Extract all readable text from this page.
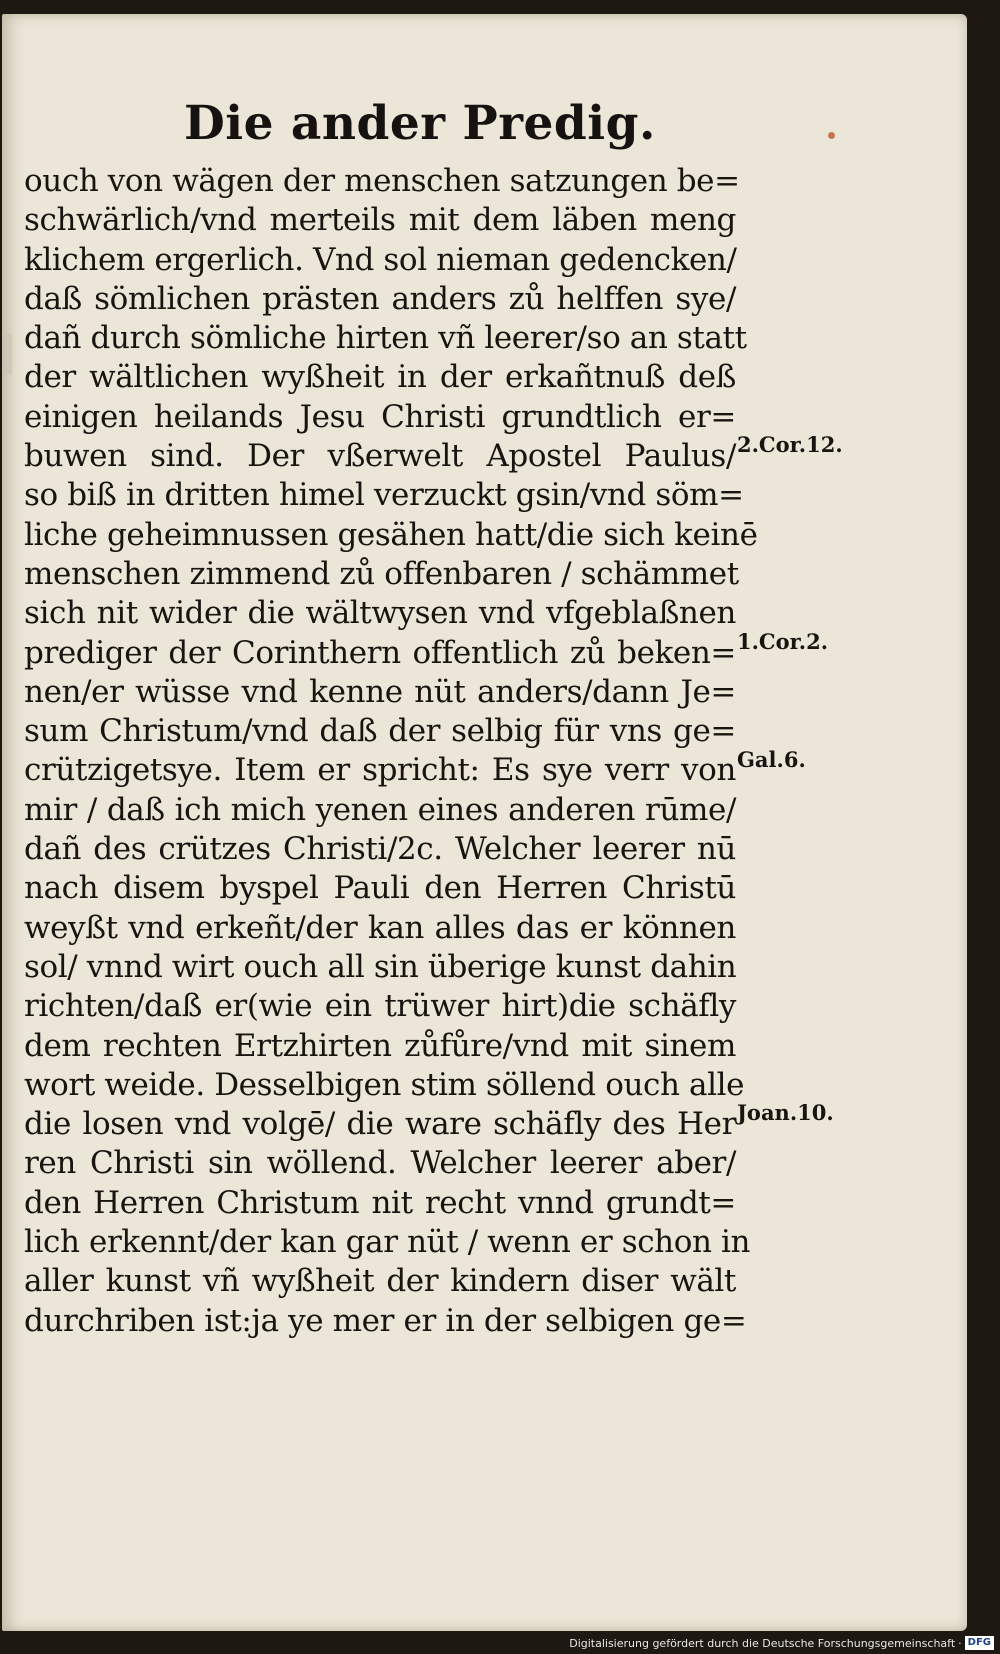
Die ander Predig.
ouch von wägen der menschen satzungen be=
schwärlich/vnd merteils mit dem läben meng
klichem ergerlich. Vnd sol nieman gedencken/
daß sömlichen prästen anders zů helffen sye/
dañ durch sömliche hirten vñ leerer/so an statt
der wältlichen wyßheit in der erkañtnuß deß
einigen heilands Jesu Christi grundtlich er=
buwen sind. Der vßerwelt Apostel Paulus/
so biß in dritten himel verzuckt gsin/vnd söm=
liche geheimnussen gesähen hatt/die sich keinē
menschen zimmend zů offenbaren / schämmet
sich nit wider die wältwysen vnd vfgeblaßnen
prediger der Corinthern offentlich zů beken=
nen/er wüsse vnd kenne nüt anders/dann Je=
sum Christum/vnd daß der selbig für vns ge=
crützigetsye. Item er spricht: Es sye verr von
mir / daß ich mich yenen eines anderen rūme/
dañ des crützes Christi/2c. Welcher leerer nū
nach disem byspel Pauli den Herren Christū
weyßt vnd erkeñt/der kan alles das er können
sol/ vnnd wirt ouch all sin überige kunst dahin
richten/daß er(wie ein trüwer hirt)die schäfly
dem rechten Ertzhirten zůfůre/vnd mit sinem
wort weide. Desselbigen stim söllend ouch alle
die losen vnd volgē/ die ware schäfly des Her
ren Christi sin wöllend. Welcher leerer aber/
den Herren Christum nit recht vnnd grundt=
lich erkennt/der kan gar nüt / wenn er schon in
aller kunst vñ wyßheit der kindern diser wält
durchriben ist:ja ye mer er in der selbigen ge=
2.Cor.12.
1.Cor.2.
Gal.6.
Joan.10.
Digitalisierung gefördert durch die Deutsche Forschungsgemeinschaft · DFG
